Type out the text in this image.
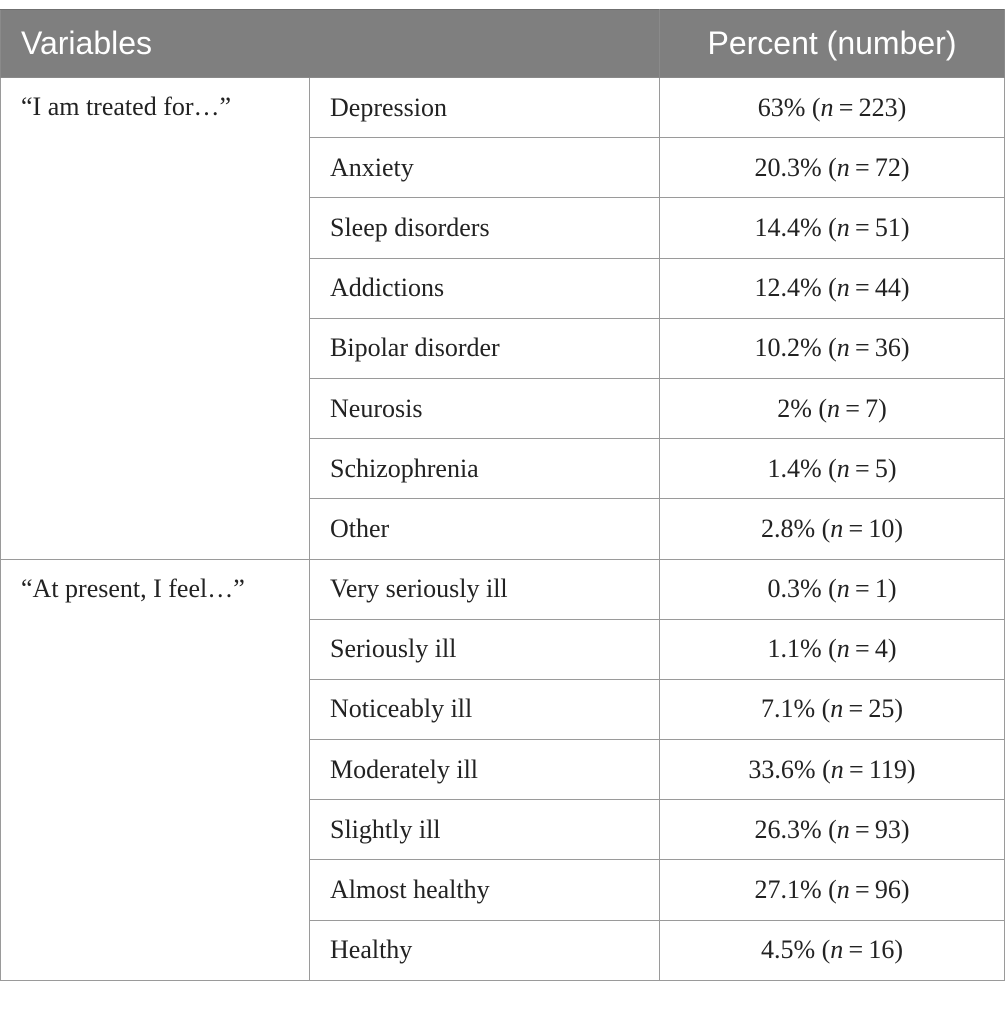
Variables		Percent (number)
“I am treated for…”	Depression	63% (n = 223)
	Anxiety	20.3% (n = 72)
	Sleep disorders	14.4% (n = 51)
	Addictions	12.4% (n = 44)
	Bipolar disorder	10.2% (n = 36)
	Neurosis	2% (n = 7)
	Schizophrenia	1.4% (n = 5)
	Other	2.8% (n = 10)
“At present, I feel…”	Very seriously ill	0.3% (n = 1)
	Seriously ill	1.1% (n = 4)
	Noticeably ill	7.1% (n = 25)
	Moderately ill	33.6% (n = 119)
	Slightly ill	26.3% (n = 93)
	Almost healthy	27.1% (n = 96)
	Healthy	4.5% (n = 16)
